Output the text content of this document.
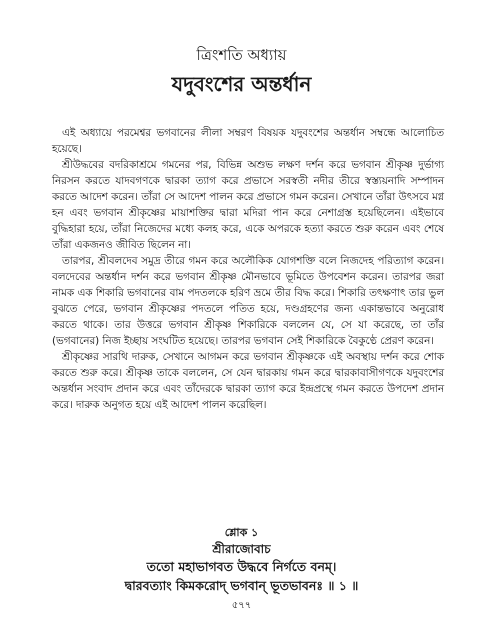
ত্রিংশতি অধ্যায়
যদুবংশের অন্তর্ধান

এই অধ্যায়ে পরমেশ্বর ভগবানের লীলা সম্বরণ বিষয়ক যদুবংশের অন্তর্ধান সম্বন্ধে আলোচিত হয়েছে।

শ্রীউদ্ধবের বদরিকাশ্রমে গমনের পর, বিভিন্ন অশুভ লক্ষণ দর্শন করে ভগবান শ্রীকৃষ্ণ দুর্ভাগ্য নিরসন করতে যাদবগণকে দ্বারকা ত্যাগ করে প্রভাসে সরস্বতী নদীর তীরে স্বস্ত্যয়নাদি সম্পাদন করতে আদেশ করেন। তাঁরা সে আদেশ পালন করে প্রভাসে গমন করেন। সেখানে তাঁরা উৎসবে মগ্ন হন এবং ভগবান শ্রীকৃষ্ণের মায়াশক্তির দ্বারা মদিরা পান করে নেশাগ্রস্ত হয়েছিলেন। এইভাবে বুদ্ধিহারা হয়ে, তাঁরা নিজেদের মধ্যে কলহ করে, একে অপরকে হত্যা করতে শুরু করেন এবং শেষে তাঁরা একজনও জীবিত ছিলেন না।

তারপর, শ্রীবলদেব সমুদ্র তীরে গমন করে অলৌকিক যোগশক্তি বলে নিজদেহ পরিত্যাগ করেন। বলদেবের অন্তর্ধান দর্শন করে ভগবান শ্রীকৃষ্ণ মৌনভাবে ভূমিতে উপবেশন করেন। তারপর জরা নামক এক শিকারি ভগবানের বাম পদতলকে হরিণ ভ্রমে তীর বিদ্ধ করে। শিকারি তৎক্ষণাৎ তার ভুল বুঝতে পেরে, ভগবান শ্রীকৃষ্ণের পদতলে পতিত হয়ে, দণ্ডগ্রহণের জন্য একান্তভাবে অনুরোধ করতে থাকে। তার উত্তরে ভগবান শ্রীকৃষ্ণ শিকারিকে বললেন যে, সে যা করেছে, তা তাঁর (ভগবানের) নিজ ইচ্ছায় সংঘটিত হয়েছে। তারপর ভগবান সেই শিকারিকে বৈকুণ্ঠে প্রেরণ করেন।

শ্রীকৃষ্ণের সারথি দারুক, সেখানে আগমন করে ভগবান শ্রীকৃষ্ণকে এই অবস্থায় দর্শন করে শোক করতে শুরু করে। শ্রীকৃষ্ণ তাকে বললেন, সে যেন দ্বারকায় গমন করে দ্বারকাবাসীগণকে যদুবংশের অন্তর্ধান সংবাদ প্রদান করে এবং তাঁদেরকে দ্বারকা ত্যাগ করে ইন্দ্রপ্রস্থে গমন করতে উপদেশ প্রদান করে। দারুক অনুগত হয়ে এই আদেশ পালন করেছিল।

শ্লোক ১
শ্রীরাজোবাচ
ততো মহাভাগবত উদ্ধবে নির্গতে বনম্‌।
দ্বারবত্যাং কিমকরোদ্‌ ভগবান্‌ ভূতভাবনঃ ॥ ১ ॥
৫৭৭
